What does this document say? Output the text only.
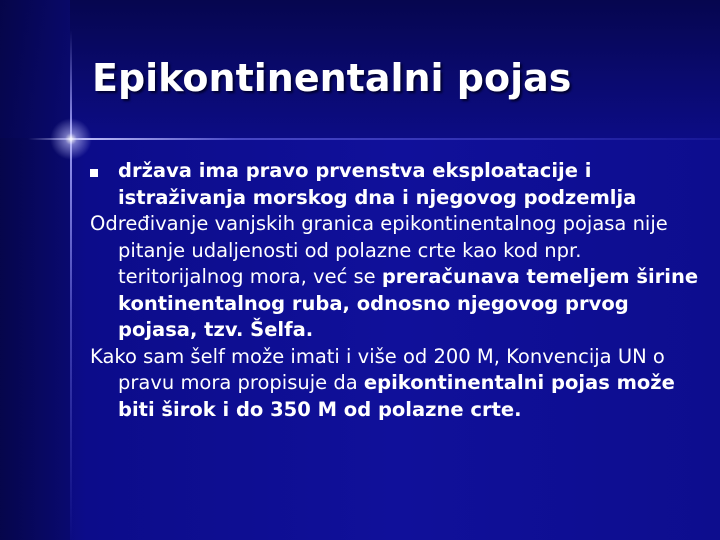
Epikontinentalni pojas

država ima pravo prvenstva eksploatacije i istraživanja morskog dna i njegovog podzemlja

Određivanje vanjskih granica epikontinentalnog pojasa nije pitanje udaljenosti od polazne crte kao kod npr. teritorijalnog mora, već se preračunava temeljem širine kontinentalnog ruba, odnosno njegovog prvog pojasa, tzv. Šelfa.

Kako sam šelf može imati i više od 200 M, Konvencija UN o pravu mora propisuje da epikontinentalni pojas može biti širok i do 350 M od polazne crte.
